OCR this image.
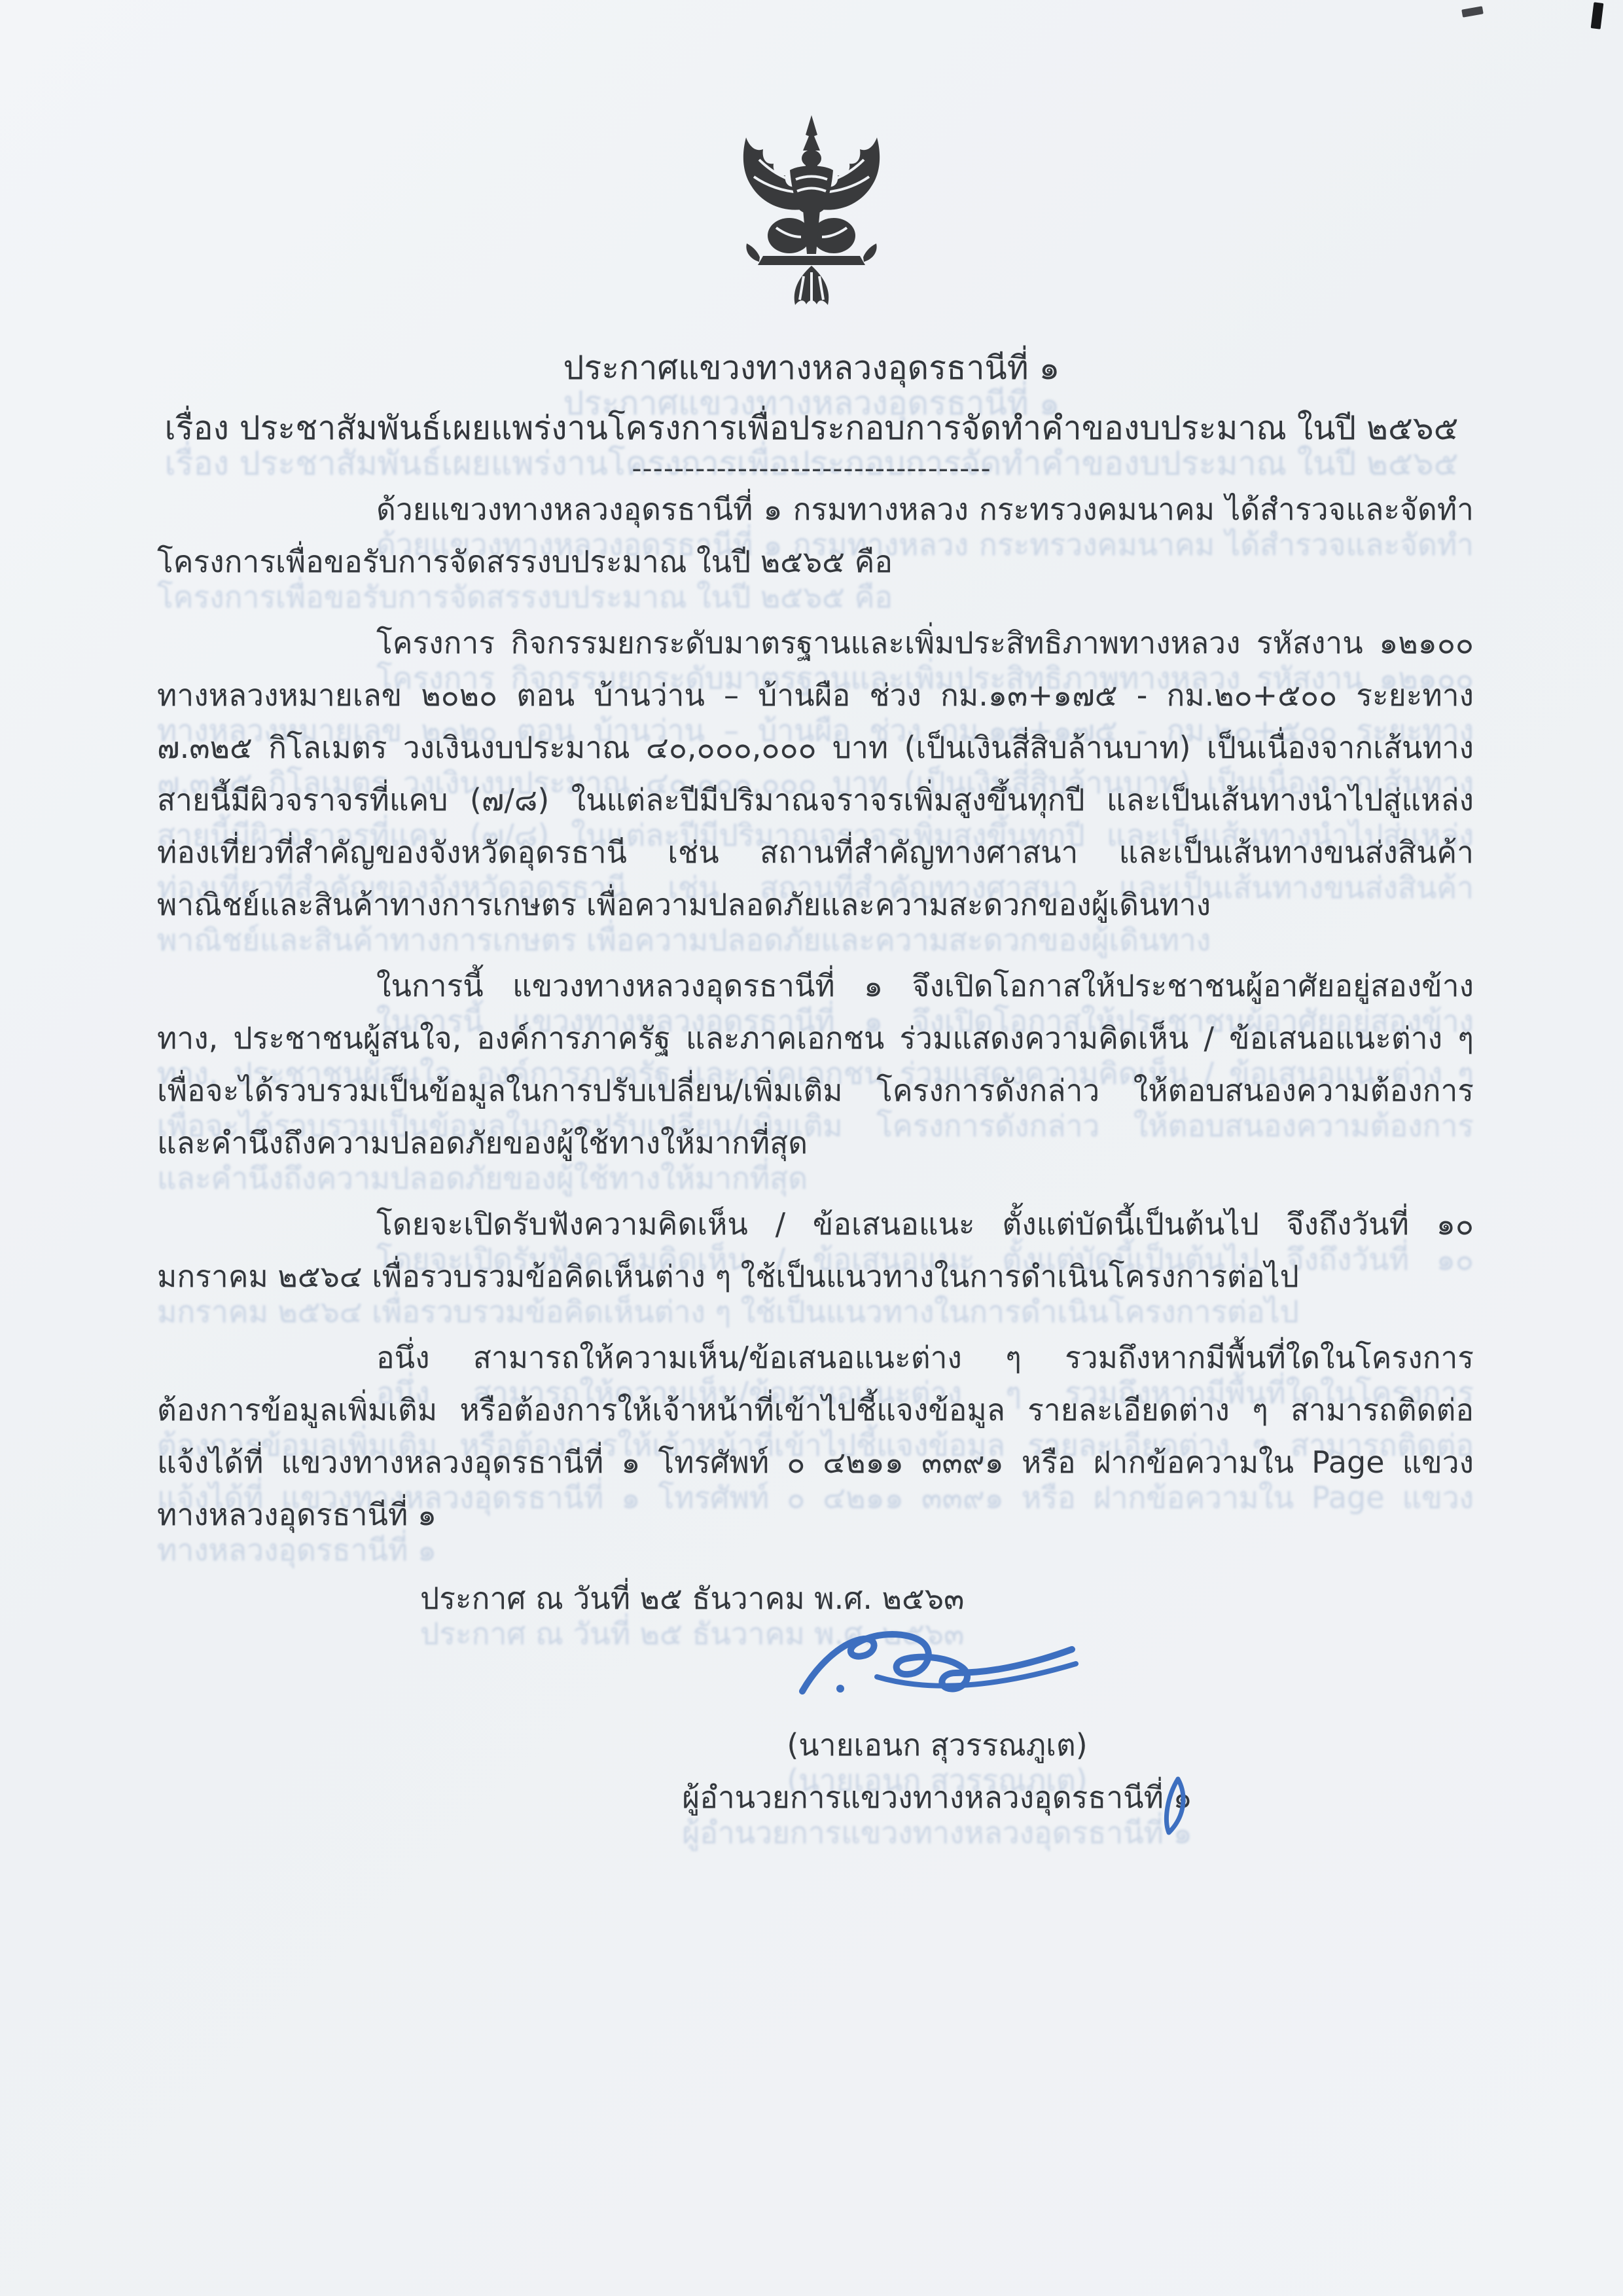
ประกาศแขวงทางหลวงอุดรธานีที่ ๑
เรื่อง ประชาสัมพันธ์เผยแพร่งานโครงการเพื่อประกอบการจัดทำคำของบประมาณ ในปี ๒๕๖๕
----------------------------------

ด้วยแขวงทางหลวงอุดรธานีที่ ๑ กรมทางหลวง กระทรวงคมนาคม ได้สำรวจและจัดทำโครงการเพื่อขอรับการจัดสรรงบประมาณ ในปี ๒๕๖๕ คือ

โครงการ กิจกรรมยกระดับมาตรฐานและเพิ่มประสิทธิภาพทางหลวง รหัสงาน ๑๒๑๐๐ ทางหลวงหมายเลข ๒๐๒๐ ตอน บ้านว่าน – บ้านผือ ช่วง กม.๑๓+๑๗๕ - กม.๒๐+๕๐๐ ระยะทาง ๗.๓๒๕ กิโลเมตร วงเงินงบประมาณ ๔๐,๐๐๐,๐๐๐ บาท (เป็นเงินสี่สิบล้านบาท) เป็นเนื่องจากเส้นทางสายนี้มีผิวจราจรที่แคบ (๗/๘) ในแต่ละปีมีปริมาณจราจรเพิ่มสูงขึ้นทุกปี และเป็นเส้นทางนำไปสู่แหล่งท่องเที่ยวที่สำคัญของจังหวัดอุดรธานี เช่น สถานที่สำคัญทางศาสนา และเป็นเส้นทางขนส่งสินค้าพาณิชย์และสินค้าทางการเกษตร เพื่อความปลอดภัยและความสะดวกของผู้เดินทาง

ในการนี้ แขวงทางหลวงอุดรธานีที่ ๑ จึงเปิดโอกาสให้ประชาชนผู้อาศัยอยู่สองข้างทาง, ประชาชนผู้สนใจ, องค์การภาครัฐ และภาคเอกชน ร่วมแสดงความคิดเห็น / ข้อเสนอแนะต่าง ๆ เพื่อจะได้รวบรวมเป็นข้อมูลในการปรับเปลี่ยน/เพิ่มเติม โครงการดังกล่าว ให้ตอบสนองความต้องการและคำนึงถึงความปลอดภัยของผู้ใช้ทางให้มากที่สุด

โดยจะเปิดรับฟังความคิดเห็น / ข้อเสนอแนะ ตั้งแต่บัดนี้เป็นต้นไป จึงถึงวันที่ ๑๐ มกราคม ๒๕๖๔ เพื่อรวบรวมข้อคิดเห็นต่าง ๆ ใช้เป็นแนวทางในการดำเนินโครงการต่อไป

อนึ่ง สามารถให้ความเห็น/ข้อเสนอแนะต่าง ๆ รวมถึงหากมีพื้นที่ใดในโครงการ ต้องการข้อมูลเพิ่มเติม หรือต้องการให้เจ้าหน้าที่เข้าไปชี้แจงข้อมูล รายละเอียดต่าง ๆ สามารถติดต่อแจ้งได้ที่ แขวงทางหลวงอุดรธานีที่ ๑ โทรศัพท์ ๐ ๔๒๑๑ ๓๓๙๑ หรือ ฝากข้อความใน Page แขวงทางหลวงอุดรธานีที่ ๑

ประกาศ ณ วันที่ ๒๕ ธันวาคม พ.ศ. ๒๕๖๓
(นายเอนก สุวรรณภูเต)
ผู้อำนวยการแขวงทางหลวงอุดรธานีที่ ๑
